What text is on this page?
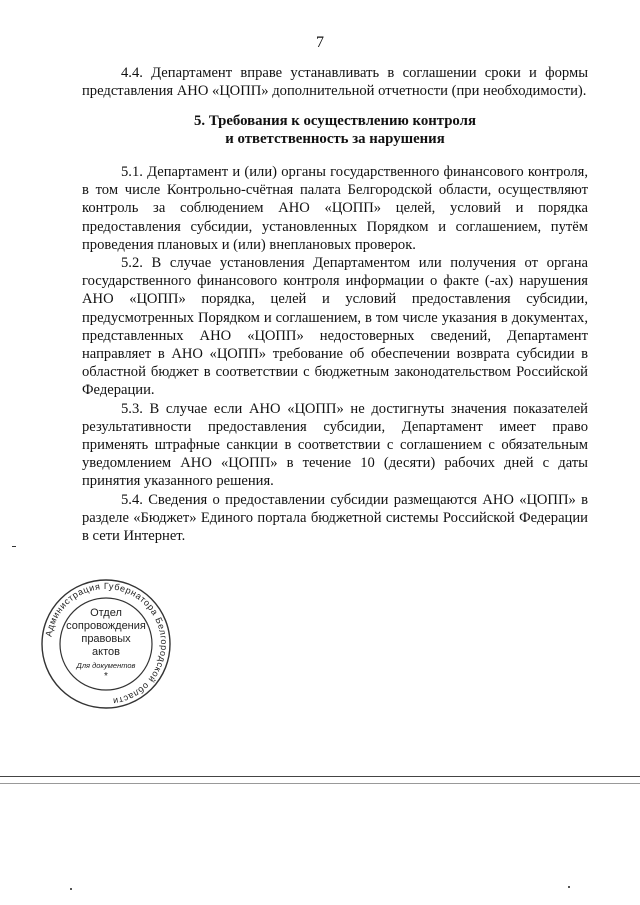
7

4.4. Департамент вправе устанавливать в соглашении сроки и формы представления АНО «ЦОПП» дополнительной отчетности (при необходимости).

5. Требования к осуществлению контроля
и ответственность за нарушения

5.1. Департамент и (или) органы государственного финансового контроля, в том числе Контрольно-счётная палата Белгородской области, осуществляют контроль за соблюдением АНО «ЦОПП» целей, условий и порядка предоставления субсидии, установленных Порядком и соглашением, путём проведения плановых и (или) внеплановых проверок.

5.2. В случае установления Департаментом или получения от органа государственного финансового контроля информации о факте (-ах) нарушения АНО «ЦОПП» порядка, целей и условий предоставления субсидии, предусмотренных Порядком и соглашением, в том числе указания в документах, представленных АНО «ЦОПП» недостоверных сведений, Департамент направляет в АНО «ЦОПП» требование об обеспечении возврата субсидии в областной бюджет в соответствии с бюджетным законодательством Российской Федерации.

5.3. В случае если АНО «ЦОПП» не достигнуты значения показателей результативности предоставления субсидии, Департамент имеет право применять штрафные санкции в соответствии с соглашением с обязательным уведомлением АНО «ЦОПП» в течение 10 (десяти) рабочих дней с даты принятия указанного решения.

5.4. Сведения о предоставлении субсидии размещаются АНО «ЦОПП» в разделе «Бюджет» Единого портала бюджетной системы Российской Федерации в сети Интернет.

Администрация Губернатора Белгородской области
Отдел
сопровождения
правовых
актов
Для документов
*
